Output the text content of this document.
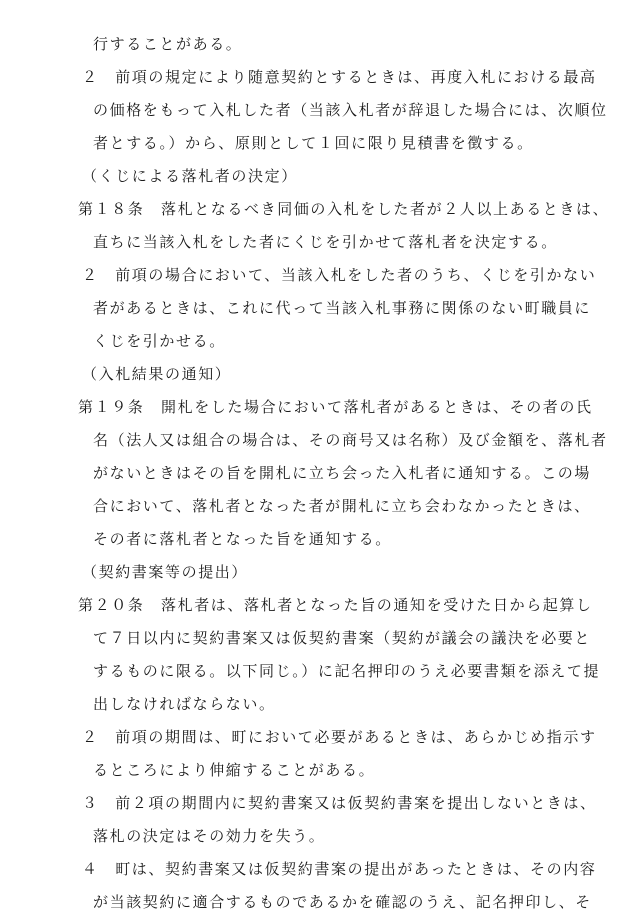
行することがある。
２　前項の規定により随意契約とするときは、再度入札における最高
の価格をもって入札した者（当該入札者が辞退した場合には、次順位
者とする。）から、原則として１回に限り見積書を徴する。
（くじによる落札者の決定）
第１８条　落札となるべき同価の入札をした者が２人以上あるときは、
直ちに当該入札をした者にくじを引かせて落札者を決定する。
２　前項の場合において、当該入札をした者のうち、くじを引かない
者があるときは、これに代って当該入札事務に関係のない町職員に
くじを引かせる。
（入札結果の通知）
第１９条　開札をした場合において落札者があるときは、その者の氏
名（法人又は組合の場合は、その商号又は名称）及び金額を、落札者
がないときはその旨を開札に立ち会った入札者に通知する。この場
合において、落札者となった者が開札に立ち会わなかったときは、
その者に落札者となった旨を通知する。
（契約書案等の提出）
第２０条　落札者は、落札者となった旨の通知を受けた日から起算し
て７日以内に契約書案又は仮契約書案（契約が議会の議決を必要と
するものに限る。以下同じ。）に記名押印のうえ必要書類を添えて提
出しなければならない。
２　前項の期間は、町において必要があるときは、あらかじめ指示す
るところにより伸縮することがある。
３　前２項の期間内に契約書案又は仮契約書案を提出しないときは、
落札の決定はその効力を失う。
４　町は、契約書案又は仮契約書案の提出があったときは、その内容
が当該契約に適合するものであるかを確認のうえ、記名押印し、そ
